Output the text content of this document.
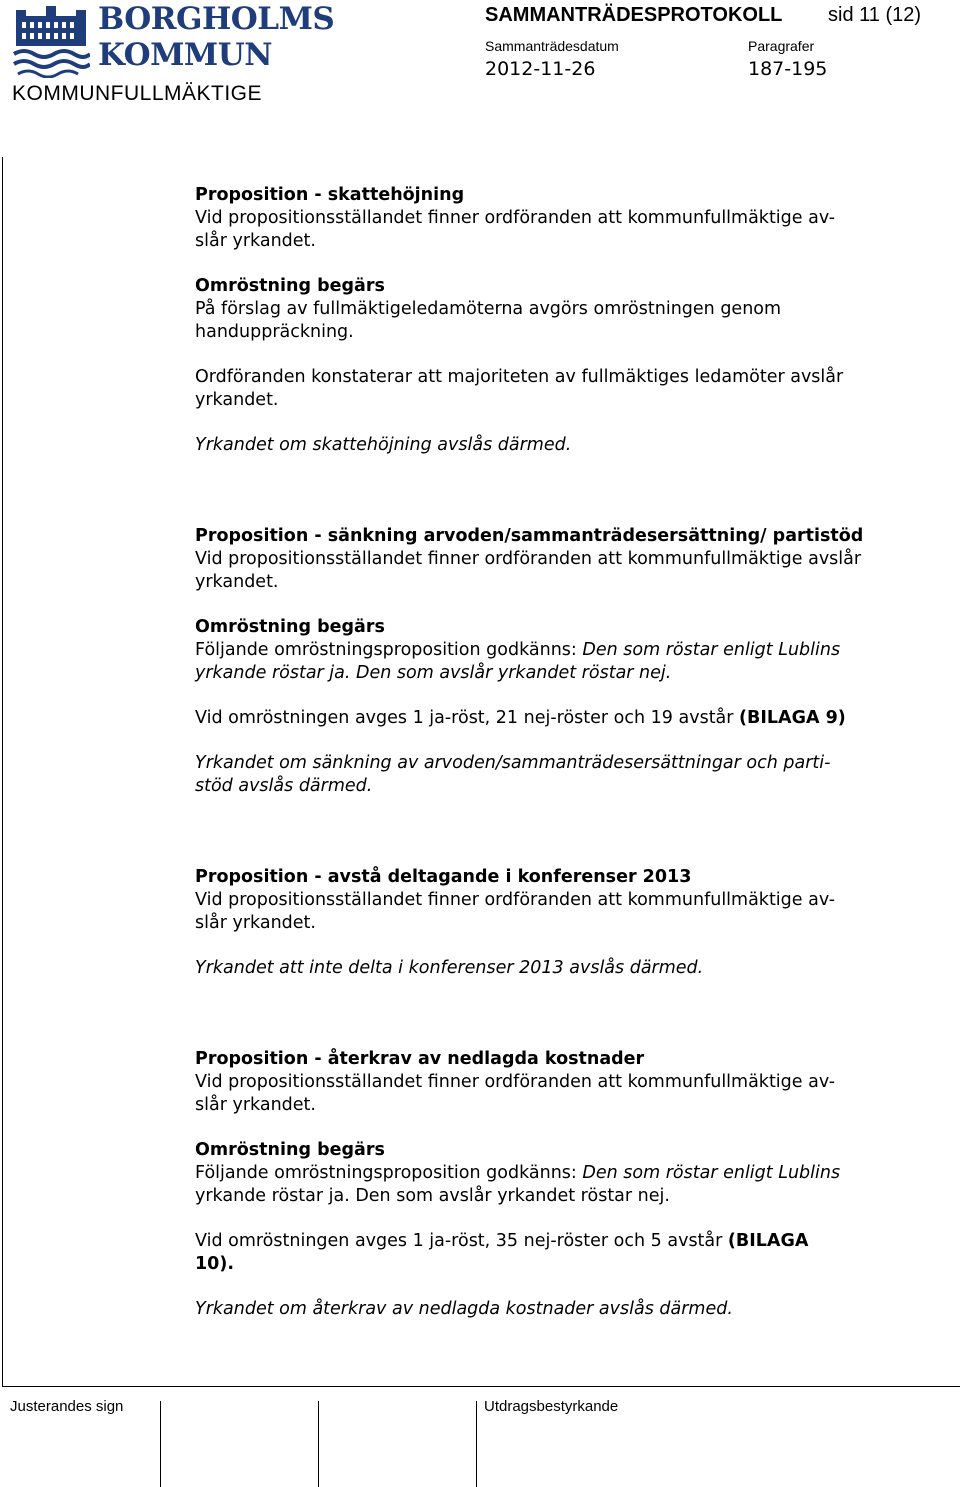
BORGHOLMS
KOMMUN
KOMMUNFULLMÄKTIGE
SAMMANTRÄDESPROTOKOLL sid 11 (12)
Sammanträdesdatum
2012-11-26
Paragrafer
187-195
Justerandes sign	Utdragsbestyrkande

Proposition - skattehöjning

Vid propositionsställandet finner ordföranden att kommunfullmäktige av-

slår yrkandet.

Omröstning begärs

På förslag av fullmäktigeledamöterna avgörs omröstningen genom

handuppräckning.

Ordföranden konstaterar att majoriteten av fullmäktiges ledamöter avslår

yrkandet.

Yrkandet om skattehöjning avslås därmed.

Proposition - sänkning arvoden/sammanträdesersättning/ partistöd

Vid propositionsställandet finner ordföranden att kommunfullmäktige avslår

yrkandet.

Omröstning begärs

Följande omröstningsproposition godkänns: Den som röstar enligt Lublins

yrkande röstar ja. Den som avslår yrkandet röstar nej.

Vid omröstningen avges 1 ja-röst, 21 nej-röster och 19 avstår (BILAGA 9)

Yrkandet om sänkning av arvoden/sammanträdesersättningar och parti-

stöd avslås därmed.

Proposition - avstå deltagande i konferenser 2013

Vid propositionsställandet finner ordföranden att kommunfullmäktige av-

slår yrkandet.

Yrkandet att inte delta i konferenser 2013 avslås därmed.

Proposition - återkrav av nedlagda kostnader

Vid propositionsställandet finner ordföranden att kommunfullmäktige av-

slår yrkandet.

Omröstning begärs

Följande omröstningsproposition godkänns: Den som röstar enligt Lublins

yrkande röstar ja. Den som avslår yrkandet röstar nej.

Vid omröstningen avges 1 ja-röst, 35 nej-röster och 5 avstår (BILAGA

10).

Yrkandet om återkrav av nedlagda kostnader avslås därmed.
